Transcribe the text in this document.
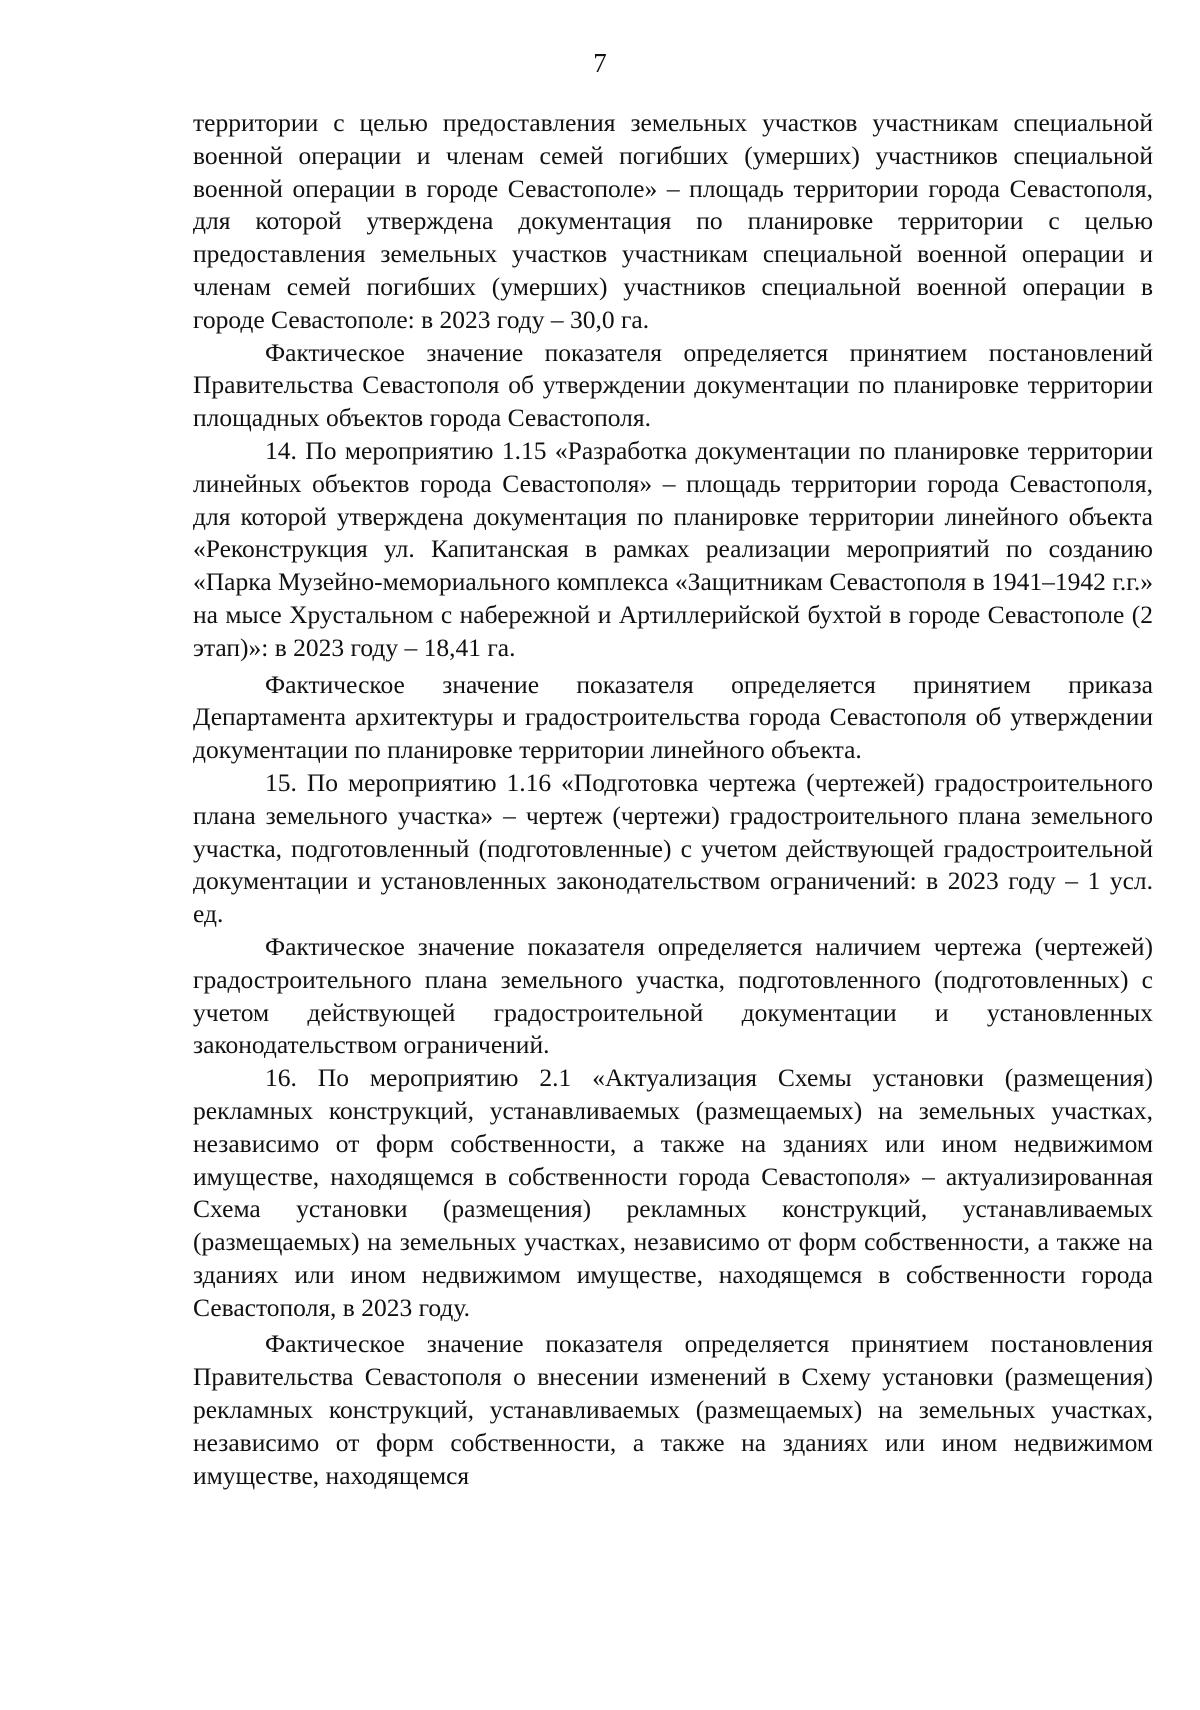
7

территории с целью предоставления земельных участков участникам специальной военной операции и членам семей погибших (умерших) участников специальной военной операции в городе Севастополе» – площадь территории города Севастополя, для которой утверждена документация по планировке территории с целью предоставления земельных участков участникам специальной военной операции и членам семей погибших (умерших) участников специальной военной операции в городе Севастополе: в 2023 году – 30,0 га.

Фактическое значение показателя определяется принятием постановлений Правительства Севастополя об утверждении документации по планировке территории площадных объектов города Севастополя.

14. По мероприятию 1.15 «Разработка документации по планировке территории линейных объектов города Севастополя» – площадь территории города Севастополя, для которой утверждена документация по планировке территории линейного объекта «Реконструкция ул. Капитанская в рамках реализации мероприятий по созданию «Парка Музейно-мемориального комплекса «Защитникам Севастополя в 1941–1942 г.г.» на мысе Хрустальном с набережной и Артиллерийской бухтой в городе Севастополе (2 этап)»: в 2023 году – 18,41 га.

Фактическое значение показателя определяется принятием приказа Департамента архитектуры и градостроительства города Севастополя об утверждении документации по планировке территории линейного объекта.

15. По мероприятию 1.16 «Подготовка чертежа (чертежей) градостроительного плана земельного участка» – чертеж (чертежи) градостроительного плана земельного участка, подготовленный (подготовленные) с учетом действующей градостроительной документации и установленных законодательством ограничений: в 2023 году – 1 усл. ед.

Фактическое значение показателя определяется наличием чертежа (чертежей) градостроительного плана земельного участка, подготовленного (подготовленных) с учетом действующей градостроительной документации и установленных законодательством ограничений.

16. По мероприятию 2.1 «Актуализация Схемы установки (размещения) рекламных конструкций, устанавливаемых (размещаемых) на земельных участках, независимо от форм собственности, а также на зданиях или ином недвижимом имуществе, находящемся в собственности города Севастополя» – актуализированная Схема установки (размещения) рекламных конструкций, устанавливаемых (размещаемых) на земельных участках, независимо от форм собственности, а также на зданиях или ином недвижимом имуществе, находящемся в собственности города Севастополя, в 2023 году.

Фактическое значение показателя определяется принятием постановления Правительства Севастополя о внесении изменений в Схему установки (размещения) рекламных конструкций, устанавливаемых (размещаемых) на земельных участках, независимо от форм собственности, а также на зданиях или ином недвижимом имуществе, находящемся
